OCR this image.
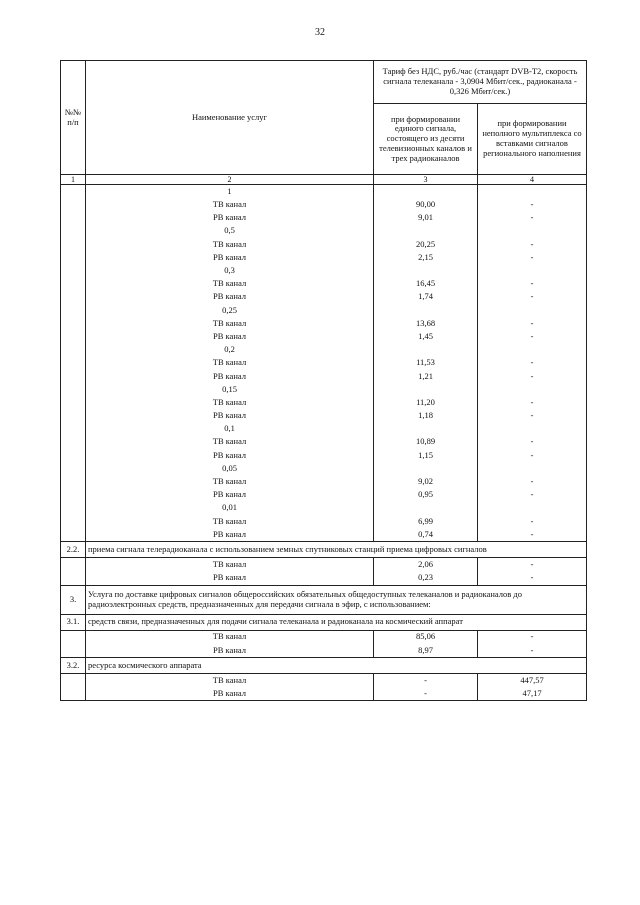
32
№№ п/п	Наименование услуг	Тариф без НДС, руб./час (стандарт DVB-T2, скорость сигнала телеканала - 3,0904 Мбит/сек., радиоканала - 0,326 Мбит/сек.)	
		при формировании единого сигнала, состоящего из десяти телевизионных каналов и трех радиоканалов	при формировании неполного мультиплекса со вставками сигналов регионального наполнения
1	2	3	4
	1		
	ТВ канал	90,00	-
	РВ канал	9,01	-
	0,5		
	ТВ канал	20,25	-
	РВ канал	2,15	-
	0,3		
	ТВ канал	16,45	-
	РВ канал	1,74	-
	0,25		
	ТВ канал	13,68	-
	РВ канал	1,45	-
	0,2		
	ТВ канал	11,53	-
	РВ канал	1,21	-
	0,15		
	ТВ канал	11,20	-
	РВ канал	1,18	-
	0,1		
	ТВ канал	10,89	-
	РВ канал	1,15	-
	0,05		
	ТВ канал	9,02	-
	РВ канал	0,95	-
	0,01		
	ТВ канал	6,99	-
	РВ канал	0,74	-
2.2.	приема сигнала телерадиоканала с использованием земных спутниковых станций приема цифровых сигналов		
	ТВ канал	2,06	-
	РВ канал	0,23	-
3.	Услуга по доставке цифровых сигналов общероссийских обязательных общедоступных телеканалов и радиоканалов до радиоэлектронных средств, предназначенных для передачи сигнала в эфир, с использованием:		
3.1.	средств связи, предназначенных для подачи сигнала телеканала и радиоканала на космический аппарат		
	ТВ канал	85,06	-
	РВ канал	8,97	-
3.2.	ресурса космического аппарата		
	ТВ канал	-	447,57
	РВ канал	-	47,17
